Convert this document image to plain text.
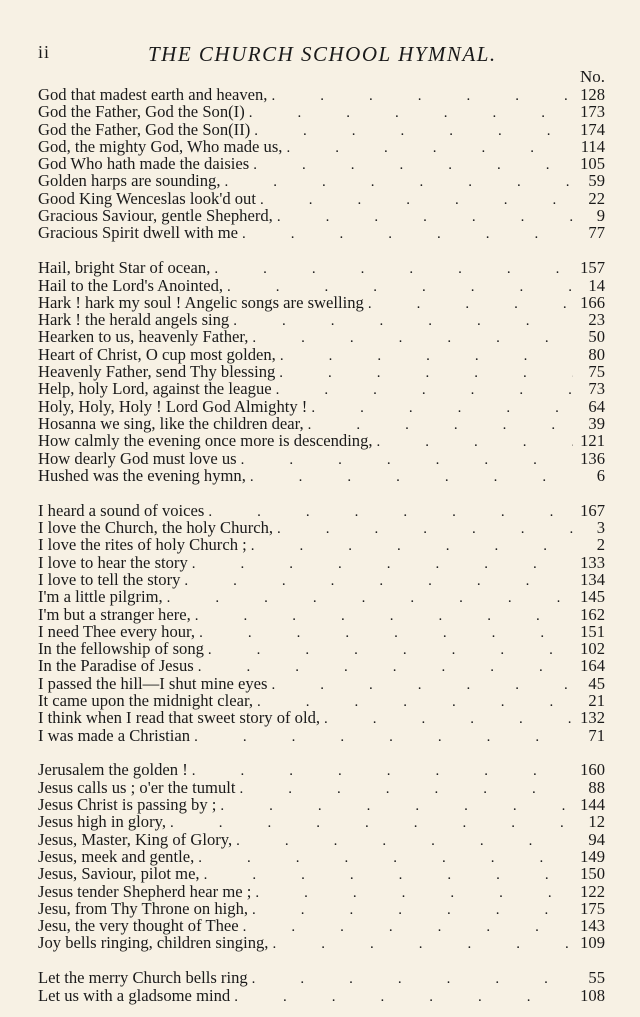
ii	THE CHURCH SCHOOL HYMNAL.
No.
God that madest earth and heaven, .	128
God the Father, God the Son(I) .	173
God the Father, God the Son(II) .	174
God, the mighty God, Who made us, .	114
God Who hath made the daisies .	105
Golden harps are sounding, .	59
Good King Wenceslas look'd out .	22
Gracious Saviour, gentle Shepherd, .	9
Gracious Spirit dwell with me .	77
Hail, bright Star of ocean, .	157
Hail to the Lord's Anointed, .	14
Hark ! hark my soul ! Angelic songs are swelling .	166
Hark ! the herald angels sing .	23
Hearken to us, heavenly Father, .	50
Heart of Christ, O cup most golden, .	80
Heavenly Father, send Thy blessing .	75
Help, holy Lord, against the league .	73
Holy, Holy, Holy ! Lord God Almighty ! .	64
Hosanna we sing, like the children dear, .	39
How calmly the evening once more is descending, .	121
How dearly God must love us .	136
Hushed was the evening hymn, .	6
I heard a sound of voices .	167
I love the Church, the holy Church, .	3
I love the rites of holy Church ; .	2
I love to hear the story .	133
I love to tell the story .	134
I'm a little pilgrim, .	145
I'm but a stranger here, .	162
I need Thee every hour, .	151
In the fellowship of song .	102
In the Paradise of Jesus .	164
I passed the hill—I shut mine eyes .	45
It came upon the midnight clear, .	21
I think when I read that sweet story of old, .	132
I was made a Christian .	71
Jerusalem the golden ! .	160
Jesus calls us ; o'er the tumult .	88
Jesus Christ is passing by ; .	144
Jesus high in glory, .	12
Jesus, Master, King of Glory, .	94
Jesus, meek and gentle, .	149
Jesus, Saviour, pilot me, .	150
Jesus tender Shepherd hear me ; .	122
Jesu, from Thy Throne on high, .	175
Jesu, the very thought of Thee .	143
Joy bells ringing, children singing, .	109
Let the merry Church bells ring .	55
Let us with a gladsome mind .	108
